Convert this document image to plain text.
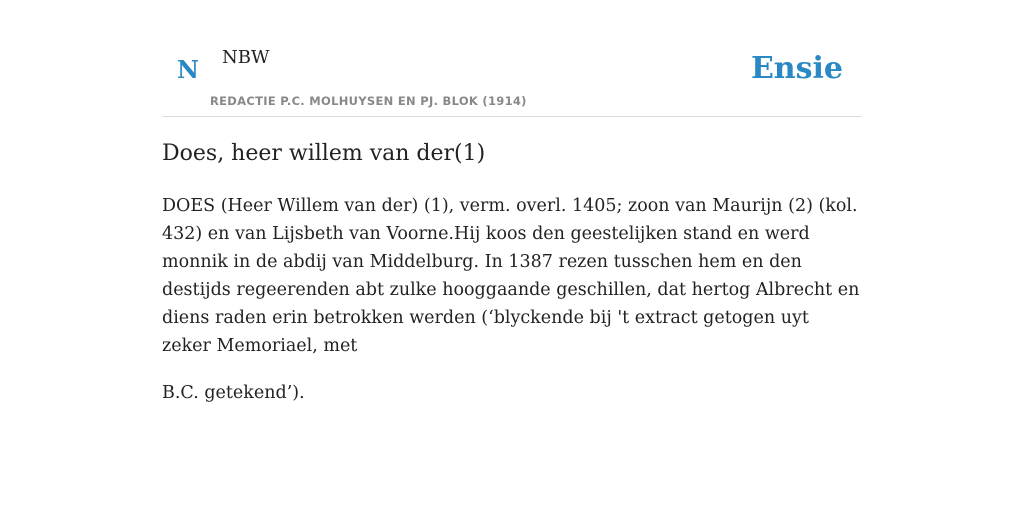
N NBW
REDACTIE P.C. MOLHUYSEN EN PJ. BLOK (1914)
Ensie
Does, heer willem van der(1)

DOES (Heer Willem van der) (1), verm. overl. 1405; zoon van Maurijn (2) (kol. 432) en van Lijsbeth van Voorne.Hij koos den geestelijken stand en werd monnik in de abdij van Middelburg. In 1387 rezen tusschen hem en den destijds regeerenden abt zulke hooggaande geschillen, dat hertog Albrecht en diens raden erin betrokken werden (‘blyckende bij 't extract getogen uyt zeker Memoriael, met

B.C. getekend’).
